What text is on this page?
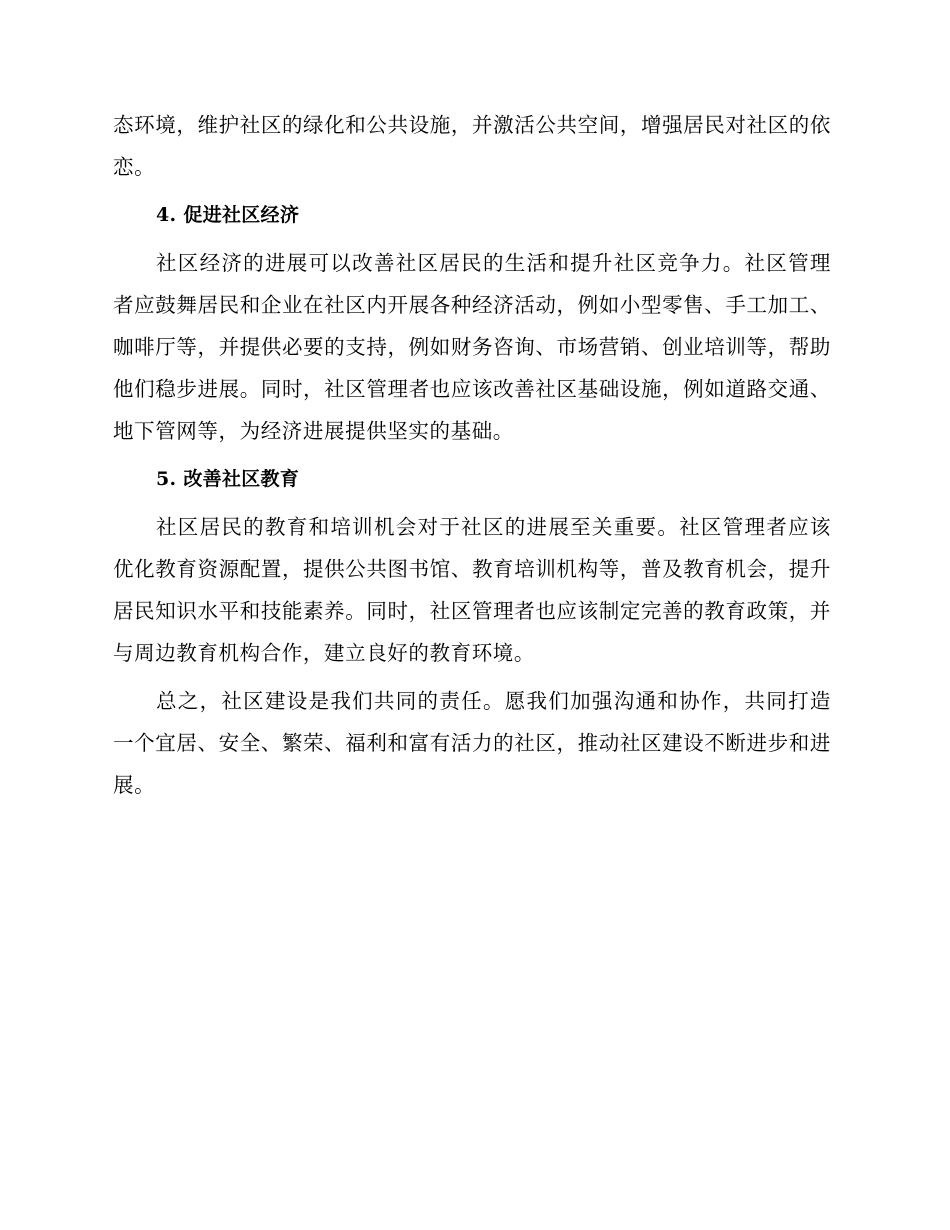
态环境，维护社区的绿化和公共设施，并激活公共空间，增强居民对社区的依恋。

4. 促进社区经济

社区经济的进展可以改善社区居民的生活和提升社区竞争力。社区管理者应鼓舞居民和企业在社区内开展各种经济活动，例如小型零售、手工加工、咖啡厅等，并提供必要的支持，例如财务咨询、市场营销、创业培训等，帮助他们稳步进展。同时，社区管理者也应该改善社区基础设施，例如道路交通、地下管网等，为经济进展提供坚实的基础。

5. 改善社区教育

社区居民的教育和培训机会对于社区的进展至关重要。社区管理者应该优化教育资源配置，提供公共图书馆、教育培训机构等，普及教育机会，提升居民知识水平和技能素养。同时，社区管理者也应该制定完善的教育政策，并与周边教育机构合作，建立良好的教育环境。

总之，社区建设是我们共同的责任。愿我们加强沟通和协作，共同打造一个宜居、安全、繁荣、福利和富有活力的社区，推动社区建设不断进步和进展。
